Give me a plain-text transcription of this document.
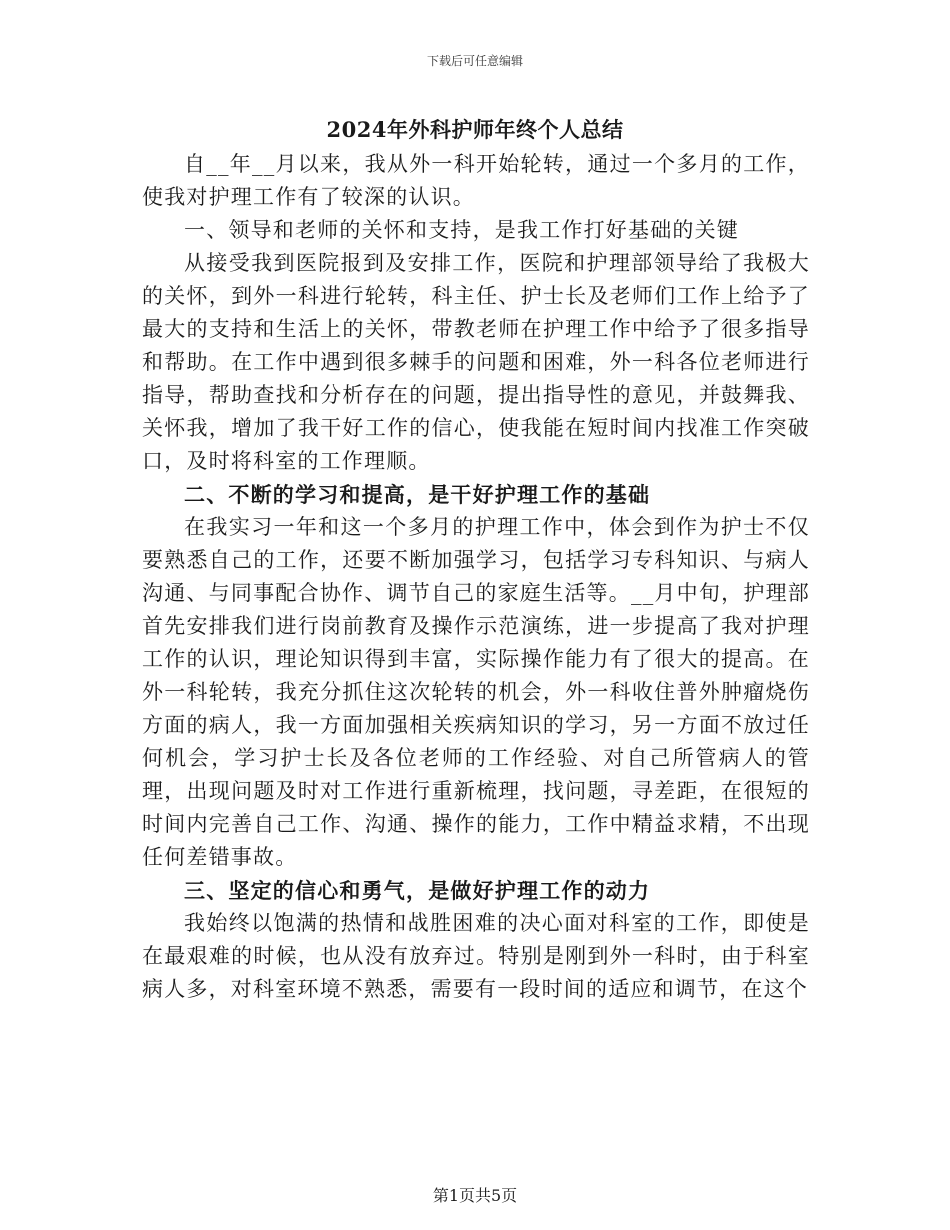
下载后可任意编辑
2024年外科护师年终个人总结

自__年__月以来，我从外一科开始轮转，通过一个多月的工作，使我对护理工作有了较深的认识。

一、领导和老师的关怀和支持，是我工作打好基础的关键

从接受我到医院报到及安排工作，医院和护理部领导给了我极大的关怀，到外一科进行轮转，科主任、护士长及老师们工作上给予了最大的支持和生活上的关怀，带教老师在护理工作中给予了很多指导和帮助。在工作中遇到很多棘手的问题和困难，外一科各位老师进行指导，帮助查找和分析存在的问题，提出指导性的意见，并鼓舞我、关怀我，增加了我干好工作的信心，使我能在短时间内找准工作突破口，及时将科室的工作理顺。

二、不断的学习和提高，是干好护理工作的基础

在我实习一年和这一个多月的护理工作中，体会到作为护士不仅要熟悉自己的工作，还要不断加强学习，包括学习专科知识、与病人沟通、与同事配合协作、调节自己的家庭生活等。__月中旬，护理部首先安排我们进行岗前教育及操作示范演练，进一步提高了我对护理工作的认识，理论知识得到丰富，实际操作能力有了很大的提高。在外一科轮转，我充分抓住这次轮转的机会，外一科收住普外肿瘤烧伤方面的病人，我一方面加强相关疾病知识的学习，另一方面不放过任何机会，学习护士长及各位老师的工作经验、对自己所管病人的管理，出现问题及时对工作进行重新梳理，找问题，寻差距，在很短的时间内完善自己工作、沟通、操作的能力，工作中精益求精，不出现任何差错事故。

三、坚定的信心和勇气，是做好护理工作的动力

我始终以饱满的热情和战胜困难的决心面对科室的工作，即使是在最艰难的时候，也从没有放弃过。特别是刚到外一科时，由于科室病人多，对科室环境不熟悉，需要有一段时间的适应和调节，在这个

第1页共5页
